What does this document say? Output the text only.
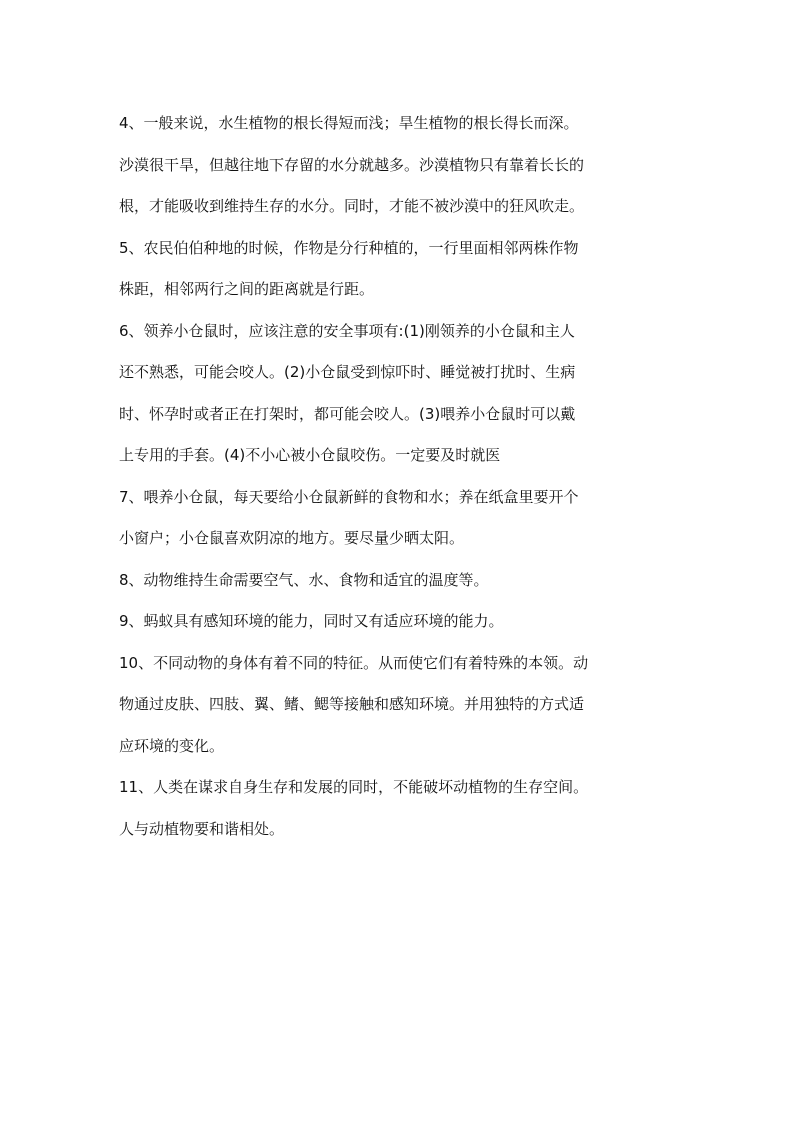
4、一般来说，水生植物的根长得短而浅；旱生植物的根长得长而深。
沙漠很干旱，但越往地下存留的水分就越多。沙漠植物只有靠着长长的
根，才能吸收到维持生存的水分。同时，才能不被沙漠中的狂风吹走。
5、农民伯伯种地的时候，作物是分行种植的，一行里面相邻两株作物
株距，相邻两行之间的距离就是行距。
6、领养小仓鼠时，应该注意的安全事项有:(1)刚领养的小仓鼠和主人
还不熟悉，可能会咬人。(2)小仓鼠受到惊吓时、睡觉被打扰时、生病
时、怀孕时或者正在打架时，都可能会咬人。(3)喂养小仓鼠时可以戴
上专用的手套。(4)不小心被小仓鼠咬伤。一定要及时就医
7、喂养小仓鼠，每天要给小仓鼠新鲜的食物和水；养在纸盒里要开个
小窗户；小仓鼠喜欢阴凉的地方。要尽量少晒太阳。
8、动物维持生命需要空气、水、食物和适宜的温度等。
9、蚂蚁具有感知环境的能力，同时又有适应环境的能力。
10、不同动物的身体有着不同的特征。从而使它们有着特殊的本领。动
物通过皮肤、四肢、翼、鳍、鳃等接触和感知环境。并用独特的方式适
应环境的变化。
11、人类在谋求自身生存和发展的同时，不能破坏动植物的生存空间。
人与动植物要和谐相处。
